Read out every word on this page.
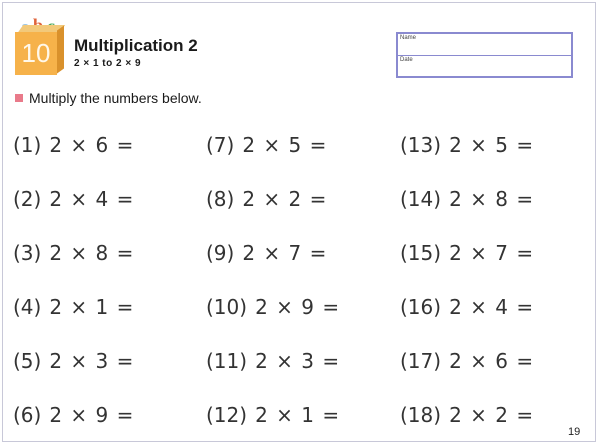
10	Multiplication 2
2 × 1 to 2 × 9
Name
Date
Multiply the numbers below.
(1) 2 × 6 =
(2) 2 × 4 =
(3) 2 × 8 =
(4) 2 × 1 =
(5) 2 × 3 =
(6) 2 × 9 =
(7) 2 × 5 =
(8) 2 × 2 =
(9) 2 × 7 =
(10) 2 × 9 =
(11) 2 × 3 =
(12) 2 × 1 =
(13) 2 × 5 =
(14) 2 × 8 =
(15) 2 × 7 =
(16) 2 × 4 =
(17) 2 × 6 =
(18) 2 × 2 =
19
